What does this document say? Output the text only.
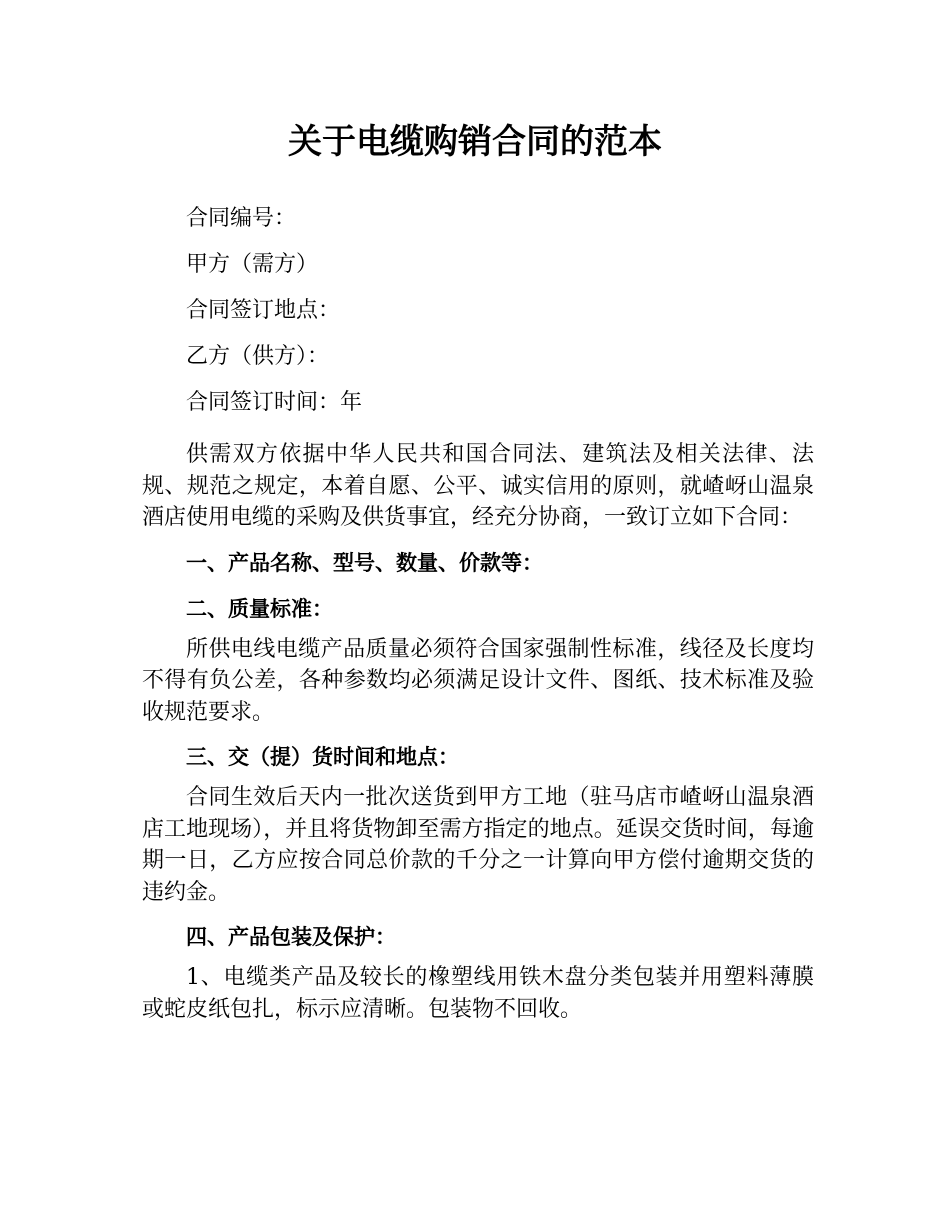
关于电缆购销合同的范本

合同编号：

甲方（需方）

合同签订地点：

乙方（供方）：

合同签订时间：年

供需双方依据中华人民共和国合同法、建筑法及相关法律、法规、规范之规定，本着自愿、公平、诚实信用的原则，就嵖岈山温泉酒店使用电缆的采购及供货事宜，经充分协商，一致订立如下合同：

一、产品名称、型号、数量、价款等：

二、质量标准：

所供电线电缆产品质量必须符合国家强制性标准，线径及长度均不得有负公差，各种参数均必须满足设计文件、图纸、技术标准及验收规范要求。

三、交（提）货时间和地点：

合同生效后天内一批次送货到甲方工地（驻马店市嵖岈山温泉酒店工地现场），并且将货物卸至需方指定的地点。延误交货时间，每逾期一日，乙方应按合同总价款的千分之一计算向甲方偿付逾期交货的违约金。

四、产品包装及保护：

1、电缆类产品及较长的橡塑线用铁木盘分类包装并用塑料薄膜或蛇皮纸包扎，标示应清晰。包装物不回收。
